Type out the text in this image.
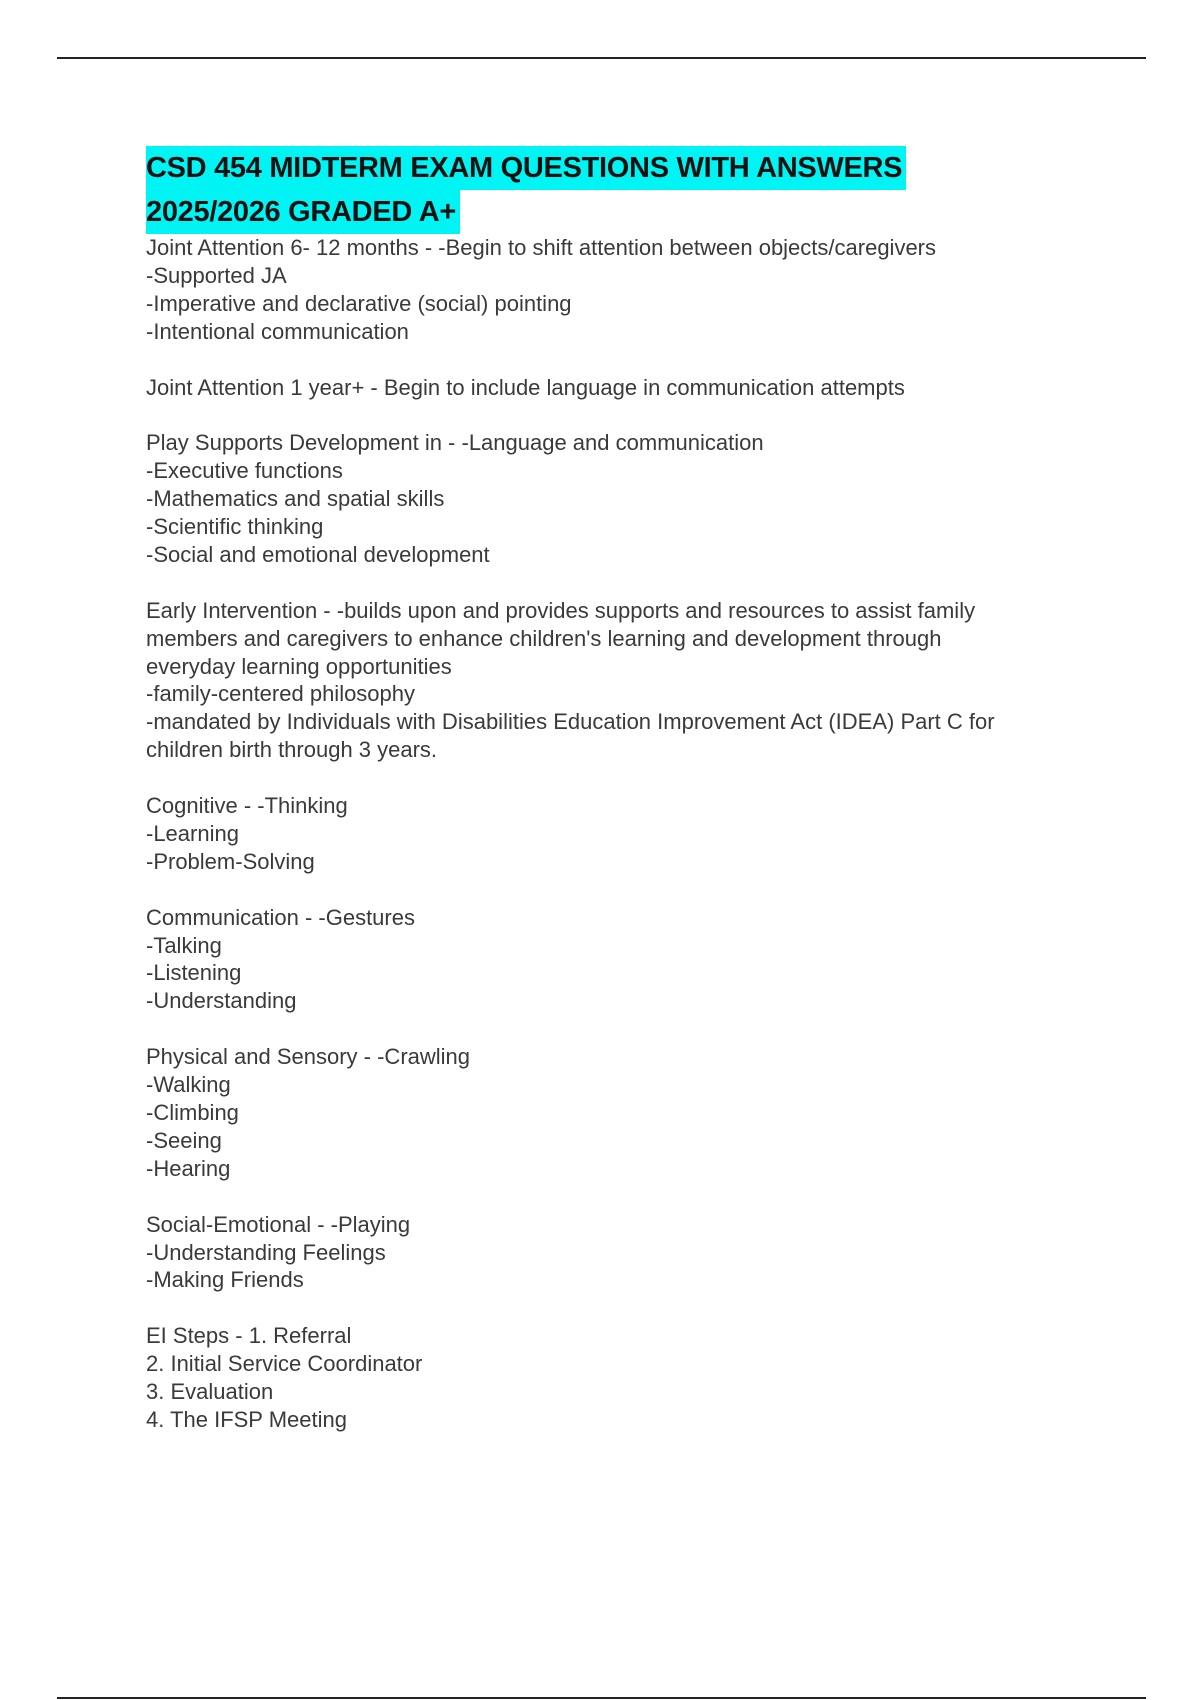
CSD 454 MIDTERM EXAM QUESTIONS WITH ANSWERS
2025/2026 GRADED A+
Joint Attention 6- 12 months - -Begin to shift attention between objects/caregivers
-Supported JA
-Imperative and declarative (social) pointing
-Intentional communication
Joint Attention 1 year+ - Begin to include language in communication attempts
Play Supports Development in - -Language and communication
-Executive functions
-Mathematics and spatial skills
-Scientific thinking
-Social and emotional development
Early Intervention - -builds upon and provides supports and resources to assist family
members and caregivers to enhance children's learning and development through
everyday learning opportunities
-family-centered philosophy
-mandated by Individuals with Disabilities Education Improvement Act (IDEA) Part C for
children birth through 3 years.
Cognitive - -Thinking
-Learning
-Problem-Solving
Communication - -Gestures
-Talking
-Listening
-Understanding
Physical and Sensory - -Crawling
-Walking
-Climbing
-Seeing
-Hearing
Social-Emotional - -Playing
-Understanding Feelings
-Making Friends
EI Steps - 1. Referral
2. Initial Service Coordinator
3. Evaluation
4. The IFSP Meeting
